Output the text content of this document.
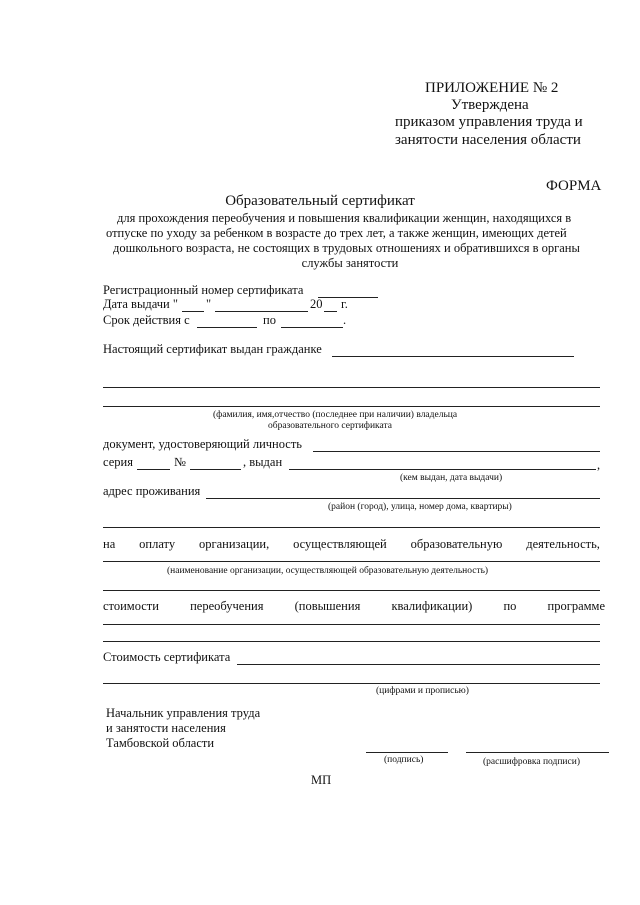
ПРИЛОЖЕНИЕ № 2
Утверждена
приказом управления труда и
занятости населения области
ФОРМА
Образовательный сертификат
для прохождения переобучения и повышения квалификации женщин, находящихся в
отпуске по уходу за ребенком в возрасте до трех лет, а также женщин, имеющих детей
дошкольного возраста, не состоящих в трудовых отношениях и обратившихся в органы
службы занятости
Регистрационный номер сертификата
Дата выдачи " "	20 г.
Срок действия с	по	.
Настоящий сертификат выдан гражданке
(фамилия, имя,отчество (последнее при наличии) владельца
образовательного сертификата
документ, удостоверяющий личность
серия	№	, выдан	,
(кем выдан, дата выдачи)
адрес проживания
(район (город), улица, номер дома, квартиры)
на оплату организации, осуществляющей образовательную деятельность,
(наименование организации, осуществляющей образовательную деятельность)
стоимости переобучения (повышения квалификации) по программе
Стоимость сертификата
(цифрами и прописью)
Начальник управления труда
и занятости населения
Тамбовской области
(подпись)	(расшифровка подписи)
МП
